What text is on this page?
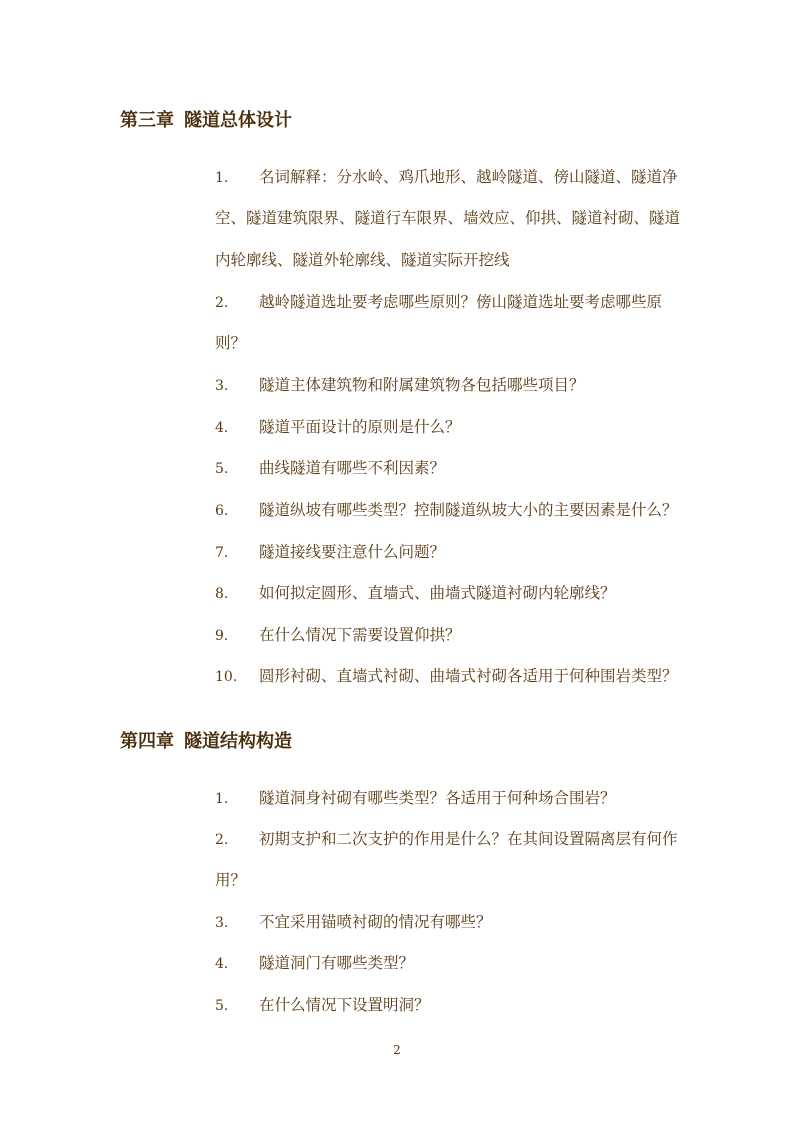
第三章 隧道总体设计
1. 名词解释：分水岭、鸡爪地形、越岭隧道、傍山隧道、隧道净
空、隧道建筑限界、隧道行车限界、墙效应、仰拱、隧道衬砌、隧道
内轮廓线、隧道外轮廓线、隧道实际开挖线
2. 越岭隧道选址要考虑哪些原则？傍山隧道选址要考虑哪些原
则？
3. 隧道主体建筑物和附属建筑物各包括哪些项目？
4. 隧道平面设计的原则是什么？
5. 曲线隧道有哪些不利因素？
6. 隧道纵坡有哪些类型？控制隧道纵坡大小的主要因素是什么？
7. 隧道接线要注意什么问题？
8. 如何拟定圆形、直墙式、曲墙式隧道衬砌内轮廓线？
9. 在什么情况下需要设置仰拱？
10. 圆形衬砌、直墙式衬砌、曲墙式衬砌各适用于何种围岩类型？
第四章 隧道结构构造
1. 隧道洞身衬砌有哪些类型？各适用于何种场合围岩？
2. 初期支护和二次支护的作用是什么？在其间设置隔离层有何作
用？
3. 不宜采用锚喷衬砌的情况有哪些？
4. 隧道洞门有哪些类型？
5. 在什么情况下设置明洞？
2
